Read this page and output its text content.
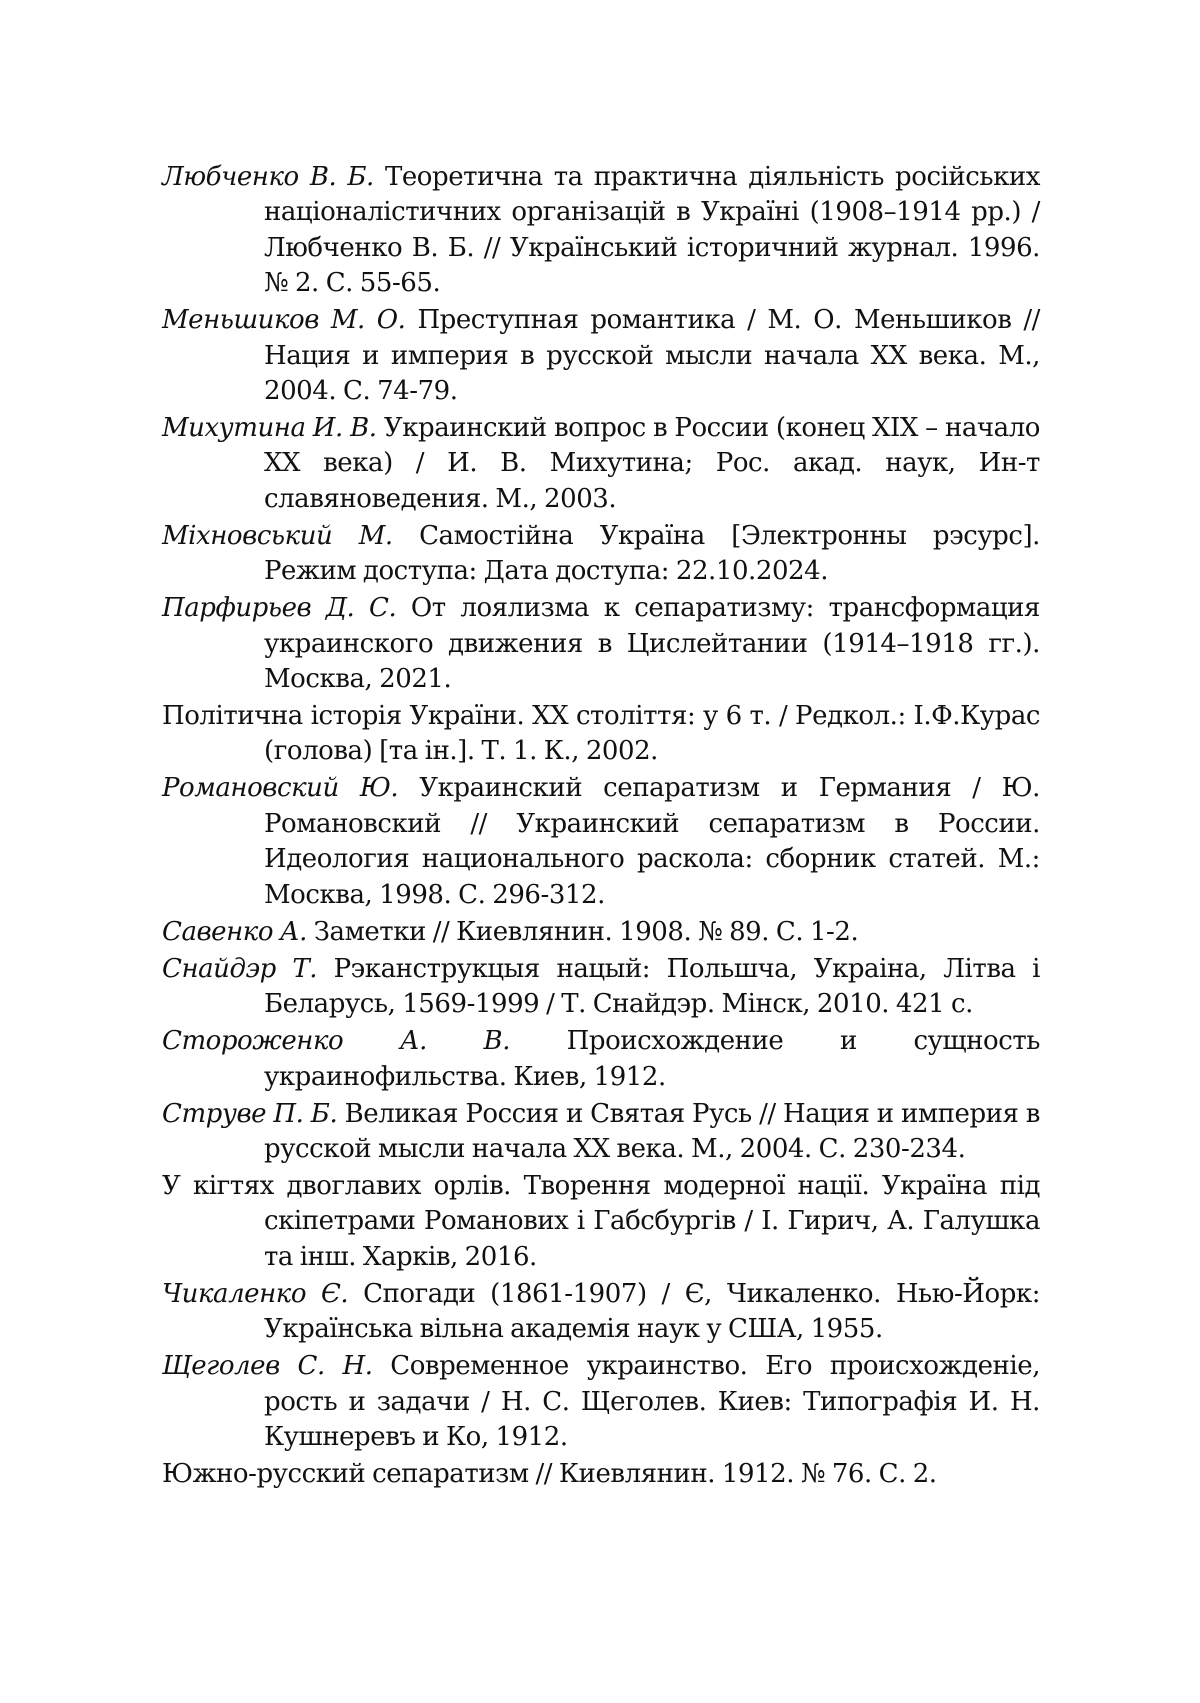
Любченко В. Б. Теоретична та практична діяльність російських націоналістичних організацій в Україні (1908–1914 рр.) / Любченко В. Б. // Український історичний журнал. 1996. № 2. С. 55-65.

Меньшиков М. О. Преступная романтика / М. О. Меньшиков // Нация и империя в русской мысли начала XX века. М., 2004. С. 74-79.

Михутина И. В. Украинский вопрос в России (конец XIX – начало XX века) / И. В. Михутина; Рос. акад. наук, Ин-т славяноведения. М., 2003.

Міхновський М. Самостійна Україна [Электронны рэсурс]. Режим доступа: Дата доступа: 22.10.2024.

Парфирьев Д. С. От лоялизма к сепаратизму: трансформация украинского движения в Цислейтании (1914–1918 гг.). Москва, 2021.

Політична історія України. XX століття: у 6 т. / Редкол.: І.Ф.Курас (голова) [та ін.]. Т. 1. К., 2002.

Романовский Ю. Украинский сепаратизм и Германия / Ю. Романовский // Украинский сепаратизм в России. Идеология национального раскола: сборник статей. М.: Москва, 1998. С. 296-312.

Савенко А. Заметки // Киевлянин. 1908. № 89. С. 1-2.

Снайдэр Т. Рэканструкцыя нацый: Польшча, Украіна, Літва і Беларусь, 1569-1999 / Т. Снайдэр. Мінск, 2010. 421 с.

Стороженко А. В. Происхождение и сущность украинофильства. Киев, 1912.

Струве П. Б. Великая Россия и Святая Русь // Нация и империя в русской мысли начала XX века. М., 2004. С. 230-234.

У кігтях двоглавих орлів. Творення модерної нації. Україна під скіпетрами Романових і Габсбургів / І. Гирич, А. Галушка та інш. Харків, 2016.

Чикаленко Є. Спогади (1861-1907) / Є, Чикаленко. Нью-Йорк: Українська вільна академія наук у США, 1955.

Щеголев С. Н. Современное украинство. Его происхожденіе, рость и задачи / Н. С. Щеголев. Киев: Типографія И. Н. Кушнеревъ и Ко, 1912.

Южно-русский сепаратизм // Киевлянин. 1912. № 76. С. 2.
